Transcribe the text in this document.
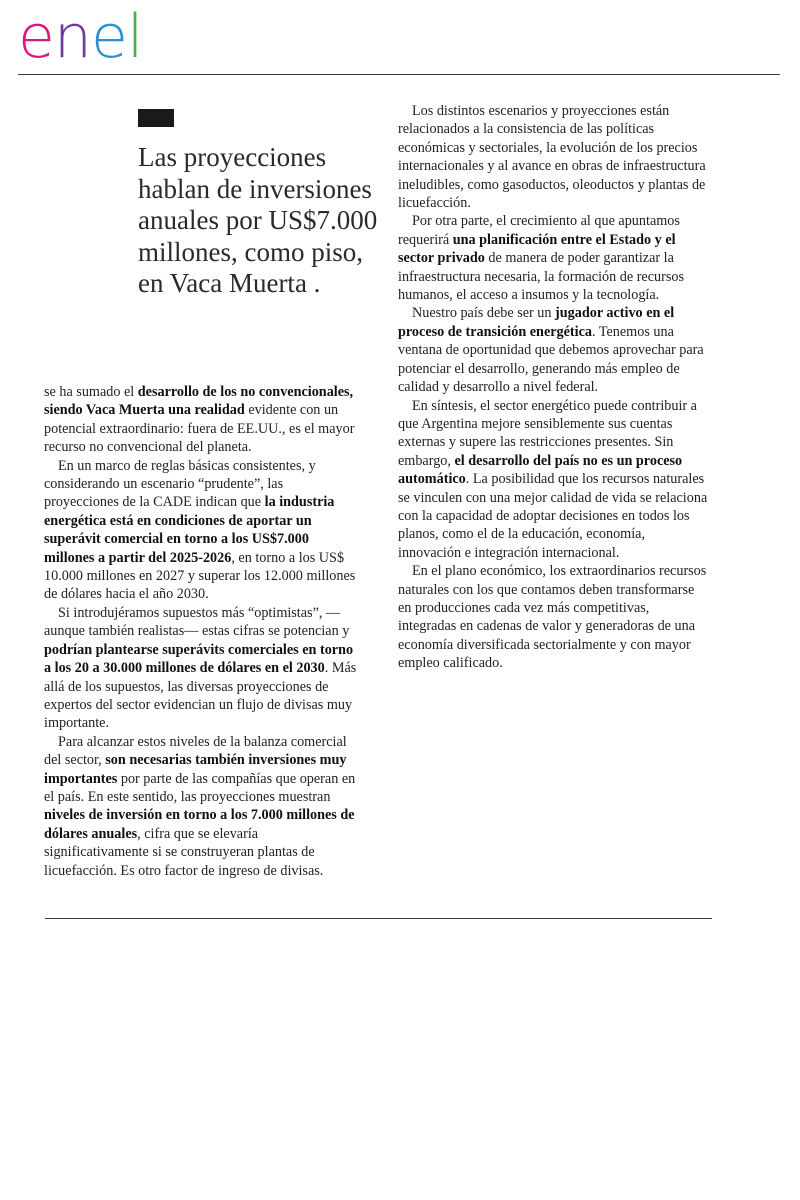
enel

Las proyecciones hablan de inversiones anuales por US$7.000 millones, como piso, en Vaca Muerta .

se ha sumado el desarrollo de los no convencionales, siendo Vaca Muerta una realidad evidente con un potencial extraordinario: fuera de EE.UU., es el mayor recurso no convencional del planeta.

En un marco de reglas básicas consistentes, y considerando un escenario “prudente”, las proyecciones de la CADE indican que la industria energética está en condiciones de aportar un superávit comercial en torno a los US$7.000 millones a partir del 2025-2026, en torno a los US$ 10.000 millones en 2027 y superar los 12.000 millones de dólares hacia el año 2030.

Si introdujéramos supuestos más “optimistas”, —aunque también realistas— estas cifras se potencian y podrían plantearse superávits comerciales en torno a los 20 a 30.000 millones de dólares en el 2030. Más allá de los supuestos, las diversas proyecciones de expertos del sector evidencian un flujo de divisas muy importante.

Para alcanzar estos niveles de la balanza comercial del sector, son necesarias también inversiones muy importantes por parte de las compañías que operan en el país. En este sentido, las proyecciones muestran niveles de inversión en torno a los 7.000 millones de dólares anuales, cifra que se elevaría significativamente si se construyeran plantas de licuefacción. Es otro factor de ingreso de divisas.

Los distintos escenarios y proyecciones están relacionados a la consistencia de las políticas económicas y sectoriales, la evolución de los precios internacionales y al avance en obras de infraestructura ineludibles, como gasoductos, oleoductos y plantas de licuefacción.

Por otra parte, el crecimiento al que apuntamos requerirá una planificación entre el Estado y el sector privado de manera de poder garantizar la infraestructura necesaria, la formación de recursos humanos, el acceso a insumos y la tecnología.

Nuestro país debe ser un jugador activo en el proceso de transición energética. Tenemos una ventana de oportunidad que debemos aprovechar para potenciar el desarrollo, generando más empleo de calidad y desarrollo a nivel federal.

En síntesis, el sector energético puede contribuir a que Argentina mejore sensiblemente sus cuentas externas y supere las restricciones presentes. Sin embargo, el desarrollo del país no es un proceso automático. La posibilidad que los recursos naturales se vinculen con una mejor calidad de vida se relaciona con la capacidad de adoptar decisiones en todos los planos, como el de la educación, economía, innovación e integración internacional.

En el plano económico, los extraordinarios recursos naturales con los que contamos deben transformarse en producciones cada vez más competitivas, integradas en cadenas de valor y generadoras de una economía diversificada sectorialmente y con mayor empleo calificado.
